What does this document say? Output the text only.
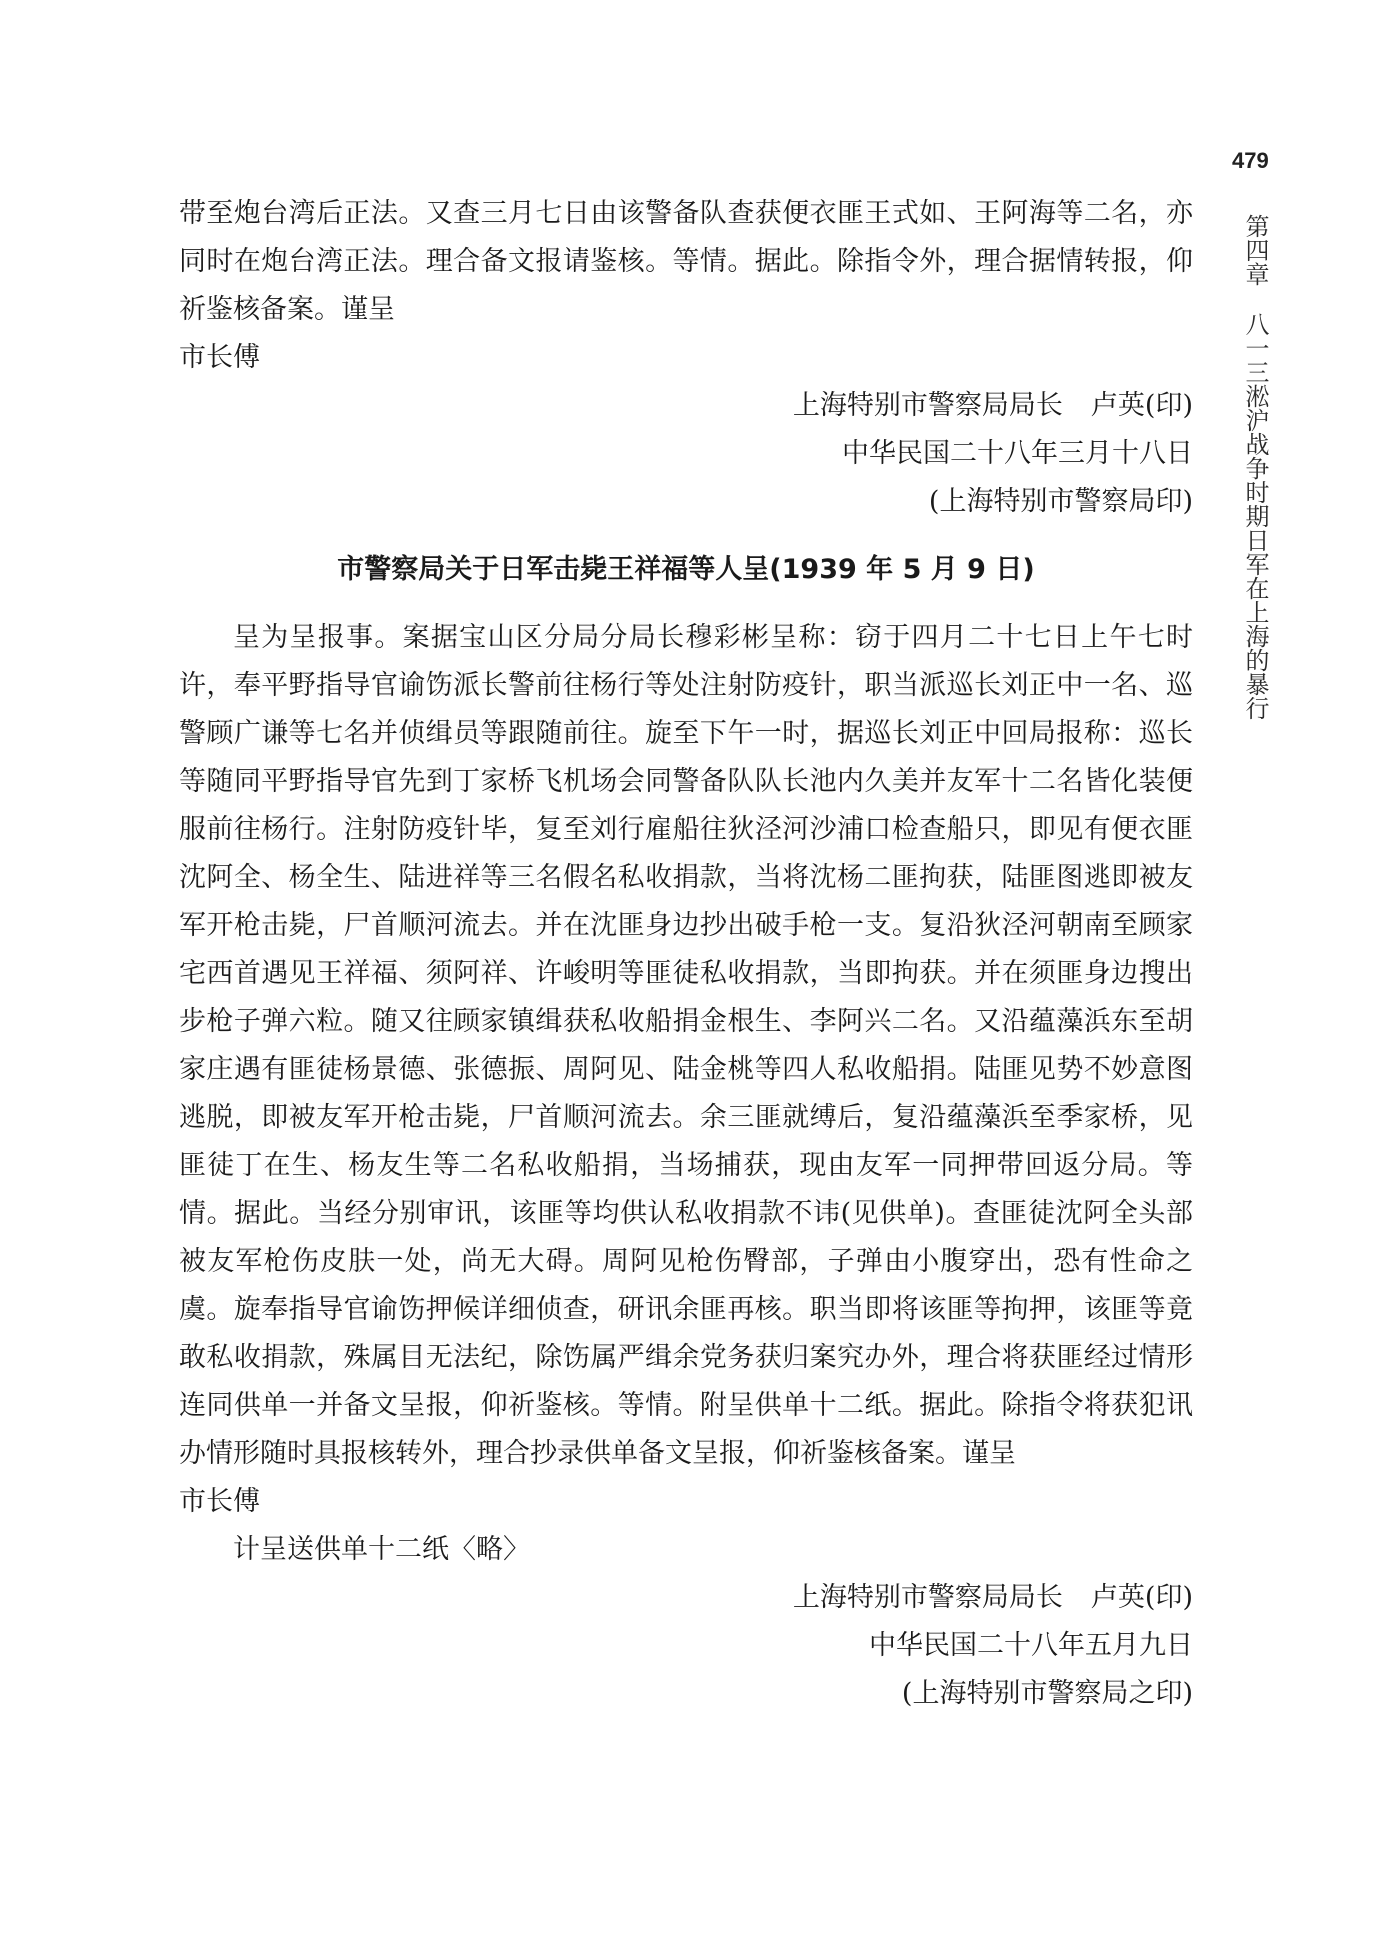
479
第四章八一三淞沪战争时期日军在上海的暴行

带至炮台湾后正法。又查三月七日由该警备队查获便衣匪王式如、王阿海等二名，亦同时在炮台湾正法。理合备文报请鉴核。等情。据此。除指令外，理合据情转报，仰祈鉴核备案。谨呈

市长傅

上海特别市警察局局长 卢英(印)

中华民国二十八年三月十八日

(上海特别市警察局印)

市警察局关于日军击毙王祥福等人呈(1939 年 5 月 9 日)

呈为呈报事。案据宝山区分局分局长穆彩彬呈称：窃于四月二十七日上午七时许，奉平野指导官谕饬派长警前往杨行等处注射防疫针，职当派巡长刘正中一名、巡警顾广谦等七名并侦缉员等跟随前往。旋至下午一时，据巡长刘正中回局报称：巡长等随同平野指导官先到丁家桥飞机场会同警备队队长池内久美并友军十二名皆化装便服前往杨行。注射防疫针毕，复至刘行雇船往狄泾河沙浦口检查船只，即见有便衣匪沈阿全、杨全生、陆进祥等三名假名私收捐款，当将沈杨二匪拘获，陆匪图逃即被友军开枪击毙，尸首顺河流去。并在沈匪身边抄出破手枪一支。复沿狄泾河朝南至顾家宅西首遇见王祥福、须阿祥、许峻明等匪徒私收捐款，当即拘获。并在须匪身边搜出步枪子弹六粒。随又往顾家镇缉获私收船捐金根生、李阿兴二名。又沿蕴藻浜东至胡家庄遇有匪徒杨景德、张德振、周阿见、陆金桃等四人私收船捐。陆匪见势不妙意图逃脱，即被友军开枪击毙，尸首顺河流去。余三匪就缚后，复沿蕴藻浜至季家桥，见匪徒丁在生、杨友生等二名私收船捐，当场捕获，现由友军一同押带回返分局。等情。据此。当经分别审讯，该匪等均供认私收捐款不讳(见供单)。查匪徒沈阿全头部被友军枪伤皮肤一处，尚无大碍。周阿见枪伤臀部，子弹由小腹穿出，恐有性命之虞。旋奉指导官谕饬押候详细侦查，研讯余匪再核。职当即将该匪等拘押，该匪等竟敢私收捐款，殊属目无法纪，除饬属严缉余党务获归案究办外，理合将获匪经过情形连同供单一并备文呈报，仰祈鉴核。等情。附呈供单十二纸。据此。除指令将获犯讯办情形随时具报核转外，理合抄录供单备文呈报，仰祈鉴核备案。谨呈

市长傅

计呈送供单十二纸〈略〉

上海特别市警察局局长 卢英(印)

中华民国二十八年五月九日

(上海特别市警察局之印)
